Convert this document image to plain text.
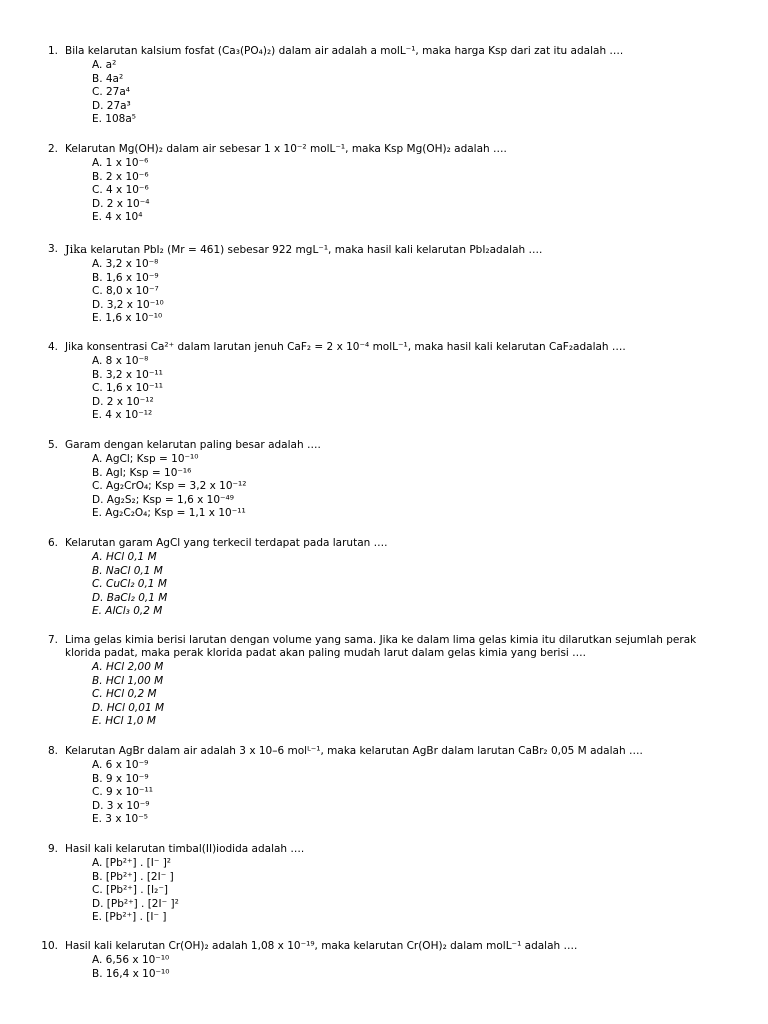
1. Bila kelarutan kalsium fosfat (Ca₃(PO₄)₂) dalam air adalah a molL⁻¹, maka harga Ksp dari zat itu adalah ….
A. a²
B. 4a²
C. 27a⁴
D. 27a³
E. 108a⁵
2. Kelarutan Mg(OH)₂ dalam air sebesar 1 x 10⁻² molL⁻¹, maka Ksp Mg(OH)₂ adalah ….
A. 1 x 10⁻⁶
B. 2 x 10⁻⁶
C. 4 x 10⁻⁶
D. 2 x 10⁻⁴
E. 4 x 10⁴
3. Jika kelarutan PbI₂ (Mr = 461) sebesar 922 mgL⁻¹, maka hasil kali kelarutan PbI₂adalah ….
A. 3,2 x 10⁻⁸
B. 1,6 x 10⁻⁹
C. 8,0 x 10⁻⁷
D. 3,2 x 10⁻¹⁰
E. 1,6 x 10⁻¹⁰
4. Jika konsentrasi Ca²⁺ dalam larutan jenuh CaF₂ = 2 x 10⁻⁴ molL⁻¹, maka hasil kali kelarutan CaF₂adalah ….
A. 8 x 10⁻⁸
B. 3,2 x 10⁻¹¹
C. 1,6 x 10⁻¹¹
D. 2 x 10⁻¹²
E. 4 x 10⁻¹²
5. Garam dengan kelarutan paling besar adalah ….
A. AgCl; Ksp = 10⁻¹⁰
B. Agl; Ksp = 10⁻¹⁶
C. Ag₂CrO₄; Ksp = 3,2 x 10⁻¹²
D. Ag₂S₂; Ksp = 1,6 x 10⁻⁴⁹
E. Ag₂C₂O₄; Ksp = 1,1 x 10⁻¹¹
6. Kelarutan garam AgCl yang terkecil terdapat pada larutan ….
A. HCl 0,1 M
B. NaCl 0,1 M
C. CuCl₂ 0,1 M
D. BaCl₂ 0,1 M
E. AlCl₃ 0,2 M
7. Lima gelas kimia berisi larutan dengan volume yang sama. Jika ke dalam lima gelas kimia itu dilarutkan sejumlah perak klorida padat, maka perak klorida padat akan paling mudah larut dalam gelas kimia yang berisi ….
A. HCl 2,00 M
B. HCl 1,00 M
C. HCl 0,2 M
D. HCl 0,01 M
E. HCl 1,0 M
8. Kelarutan AgBr dalam air adalah 3 x 10–6 molᴸ⁻¹, maka kelarutan AgBr dalam larutan CaBr₂ 0,05 M adalah ….
A. 6 x 10⁻⁹
B. 9 x 10⁻⁹
C. 9 x 10⁻¹¹
D. 3 x 10⁻⁹
E. 3 x 10⁻⁵
9. Hasil kali kelarutan timbal(II)iodida adalah ….
A. [Pb²⁺] . [I⁻ ]²
B. [Pb²⁺] . [2I⁻ ]
C. [Pb²⁺] . [I₂⁻]
D. [Pb²⁺] . [2I⁻ ]²
E. [Pb²⁺] . [I⁻ ]
10. Hasil kali kelarutan Cr(OH)₂ adalah 1,08 x 10⁻¹⁹, maka kelarutan Cr(OH)₂ dalam molL⁻¹ adalah ….
A. 6,56 x 10⁻¹⁰
B. 16,4 x 10⁻¹⁰
